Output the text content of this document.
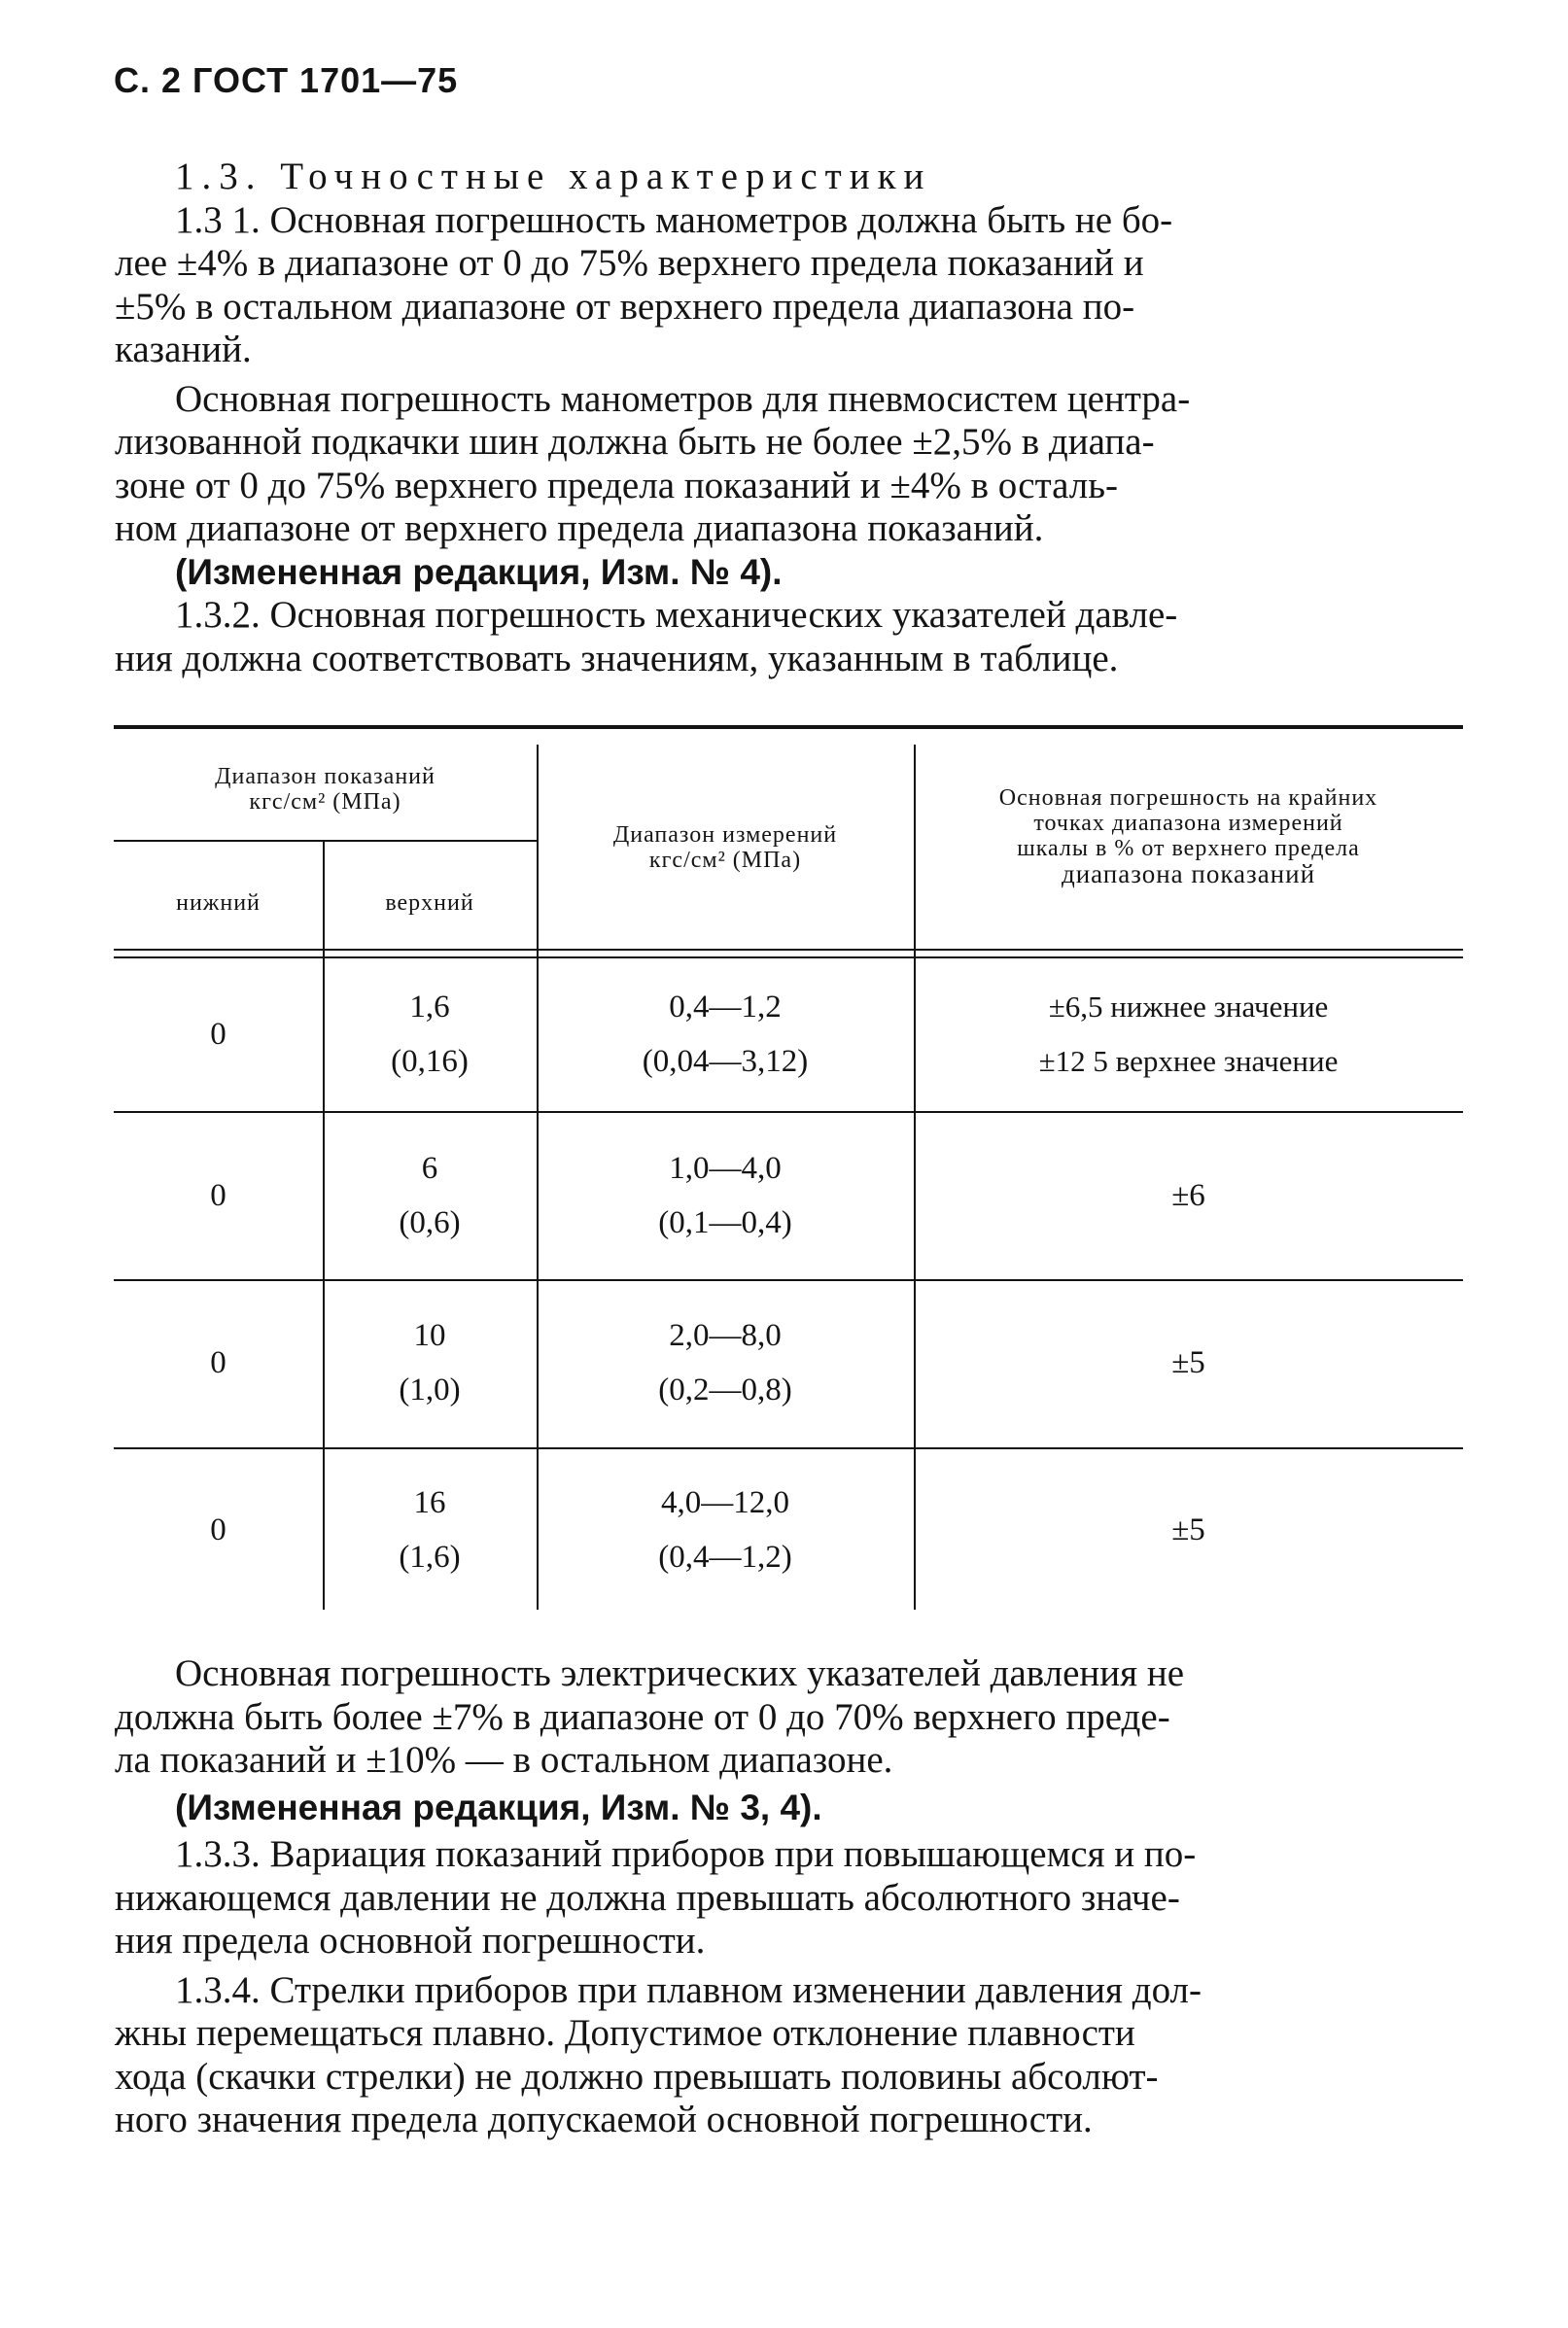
С. 2 ГОСТ 1701—75
1.3. Точностные характеристики
1.3 1. Основная погрешность манометров должна быть не бо-
лее ±4% в диапазоне от 0 до 75% верхнего предела показаний и
±5% в остальном диапазоне от верхнего предела диапазона по-
казаний.
Основная погрешность манометров для пневмосистем центра-
лизованной подкачки шин должна быть не более ±2,5% в диапа-
зоне от 0 до 75% верхнего предела показаний и ±4% в осталь-
ном диапазоне от верхнего предела диапазона показаний.
(Измененная редакция, Изм. № 4).
1.3.2. Основная погрешность механических указателей давле-
ния должна соответствовать значениям, указанным в таблице.
Диапазон показаний
кгс/см² (МПа)
нижний	верхний
Диапазон измерений
кгс/см² (МПа)
Основная погрешность на крайних
точках диапазона измерений
шкалы в % от верхнего предела
диапазона показаний
0
1,6
(0,16)
0,4—1,2
(0,04—3,12)
±6,5 нижнее значение
±12 5 верхнее значение
0
6
(0,6)
1,0—4,0
(0,1—0,4)
±6
0
10
(1,0)
2,0—8,0
(0,2—0,8)
±5
0
16
(1,6)
4,0—12,0
(0,4—1,2)
±5
Основная погрешность электрических указателей давления не
должна быть более ±7% в диапазоне от 0 до 70% верхнего преде-
ла показаний и ±10% — в остальном диапазоне.
(Измененная редакция, Изм. № 3, 4).
1.3.3. Вариация показаний приборов при повышающемся и по-
нижающемся давлении не должна превышать абсолютного значе-
ния предела основной погрешности.
1.3.4. Стрелки приборов при плавном изменении давления дол-
жны перемещаться плавно. Допустимое отклонение плавности
хода (скачки стрелки) не должно превышать половины абсолют-
ного значения предела допускаемой основной погрешности.
